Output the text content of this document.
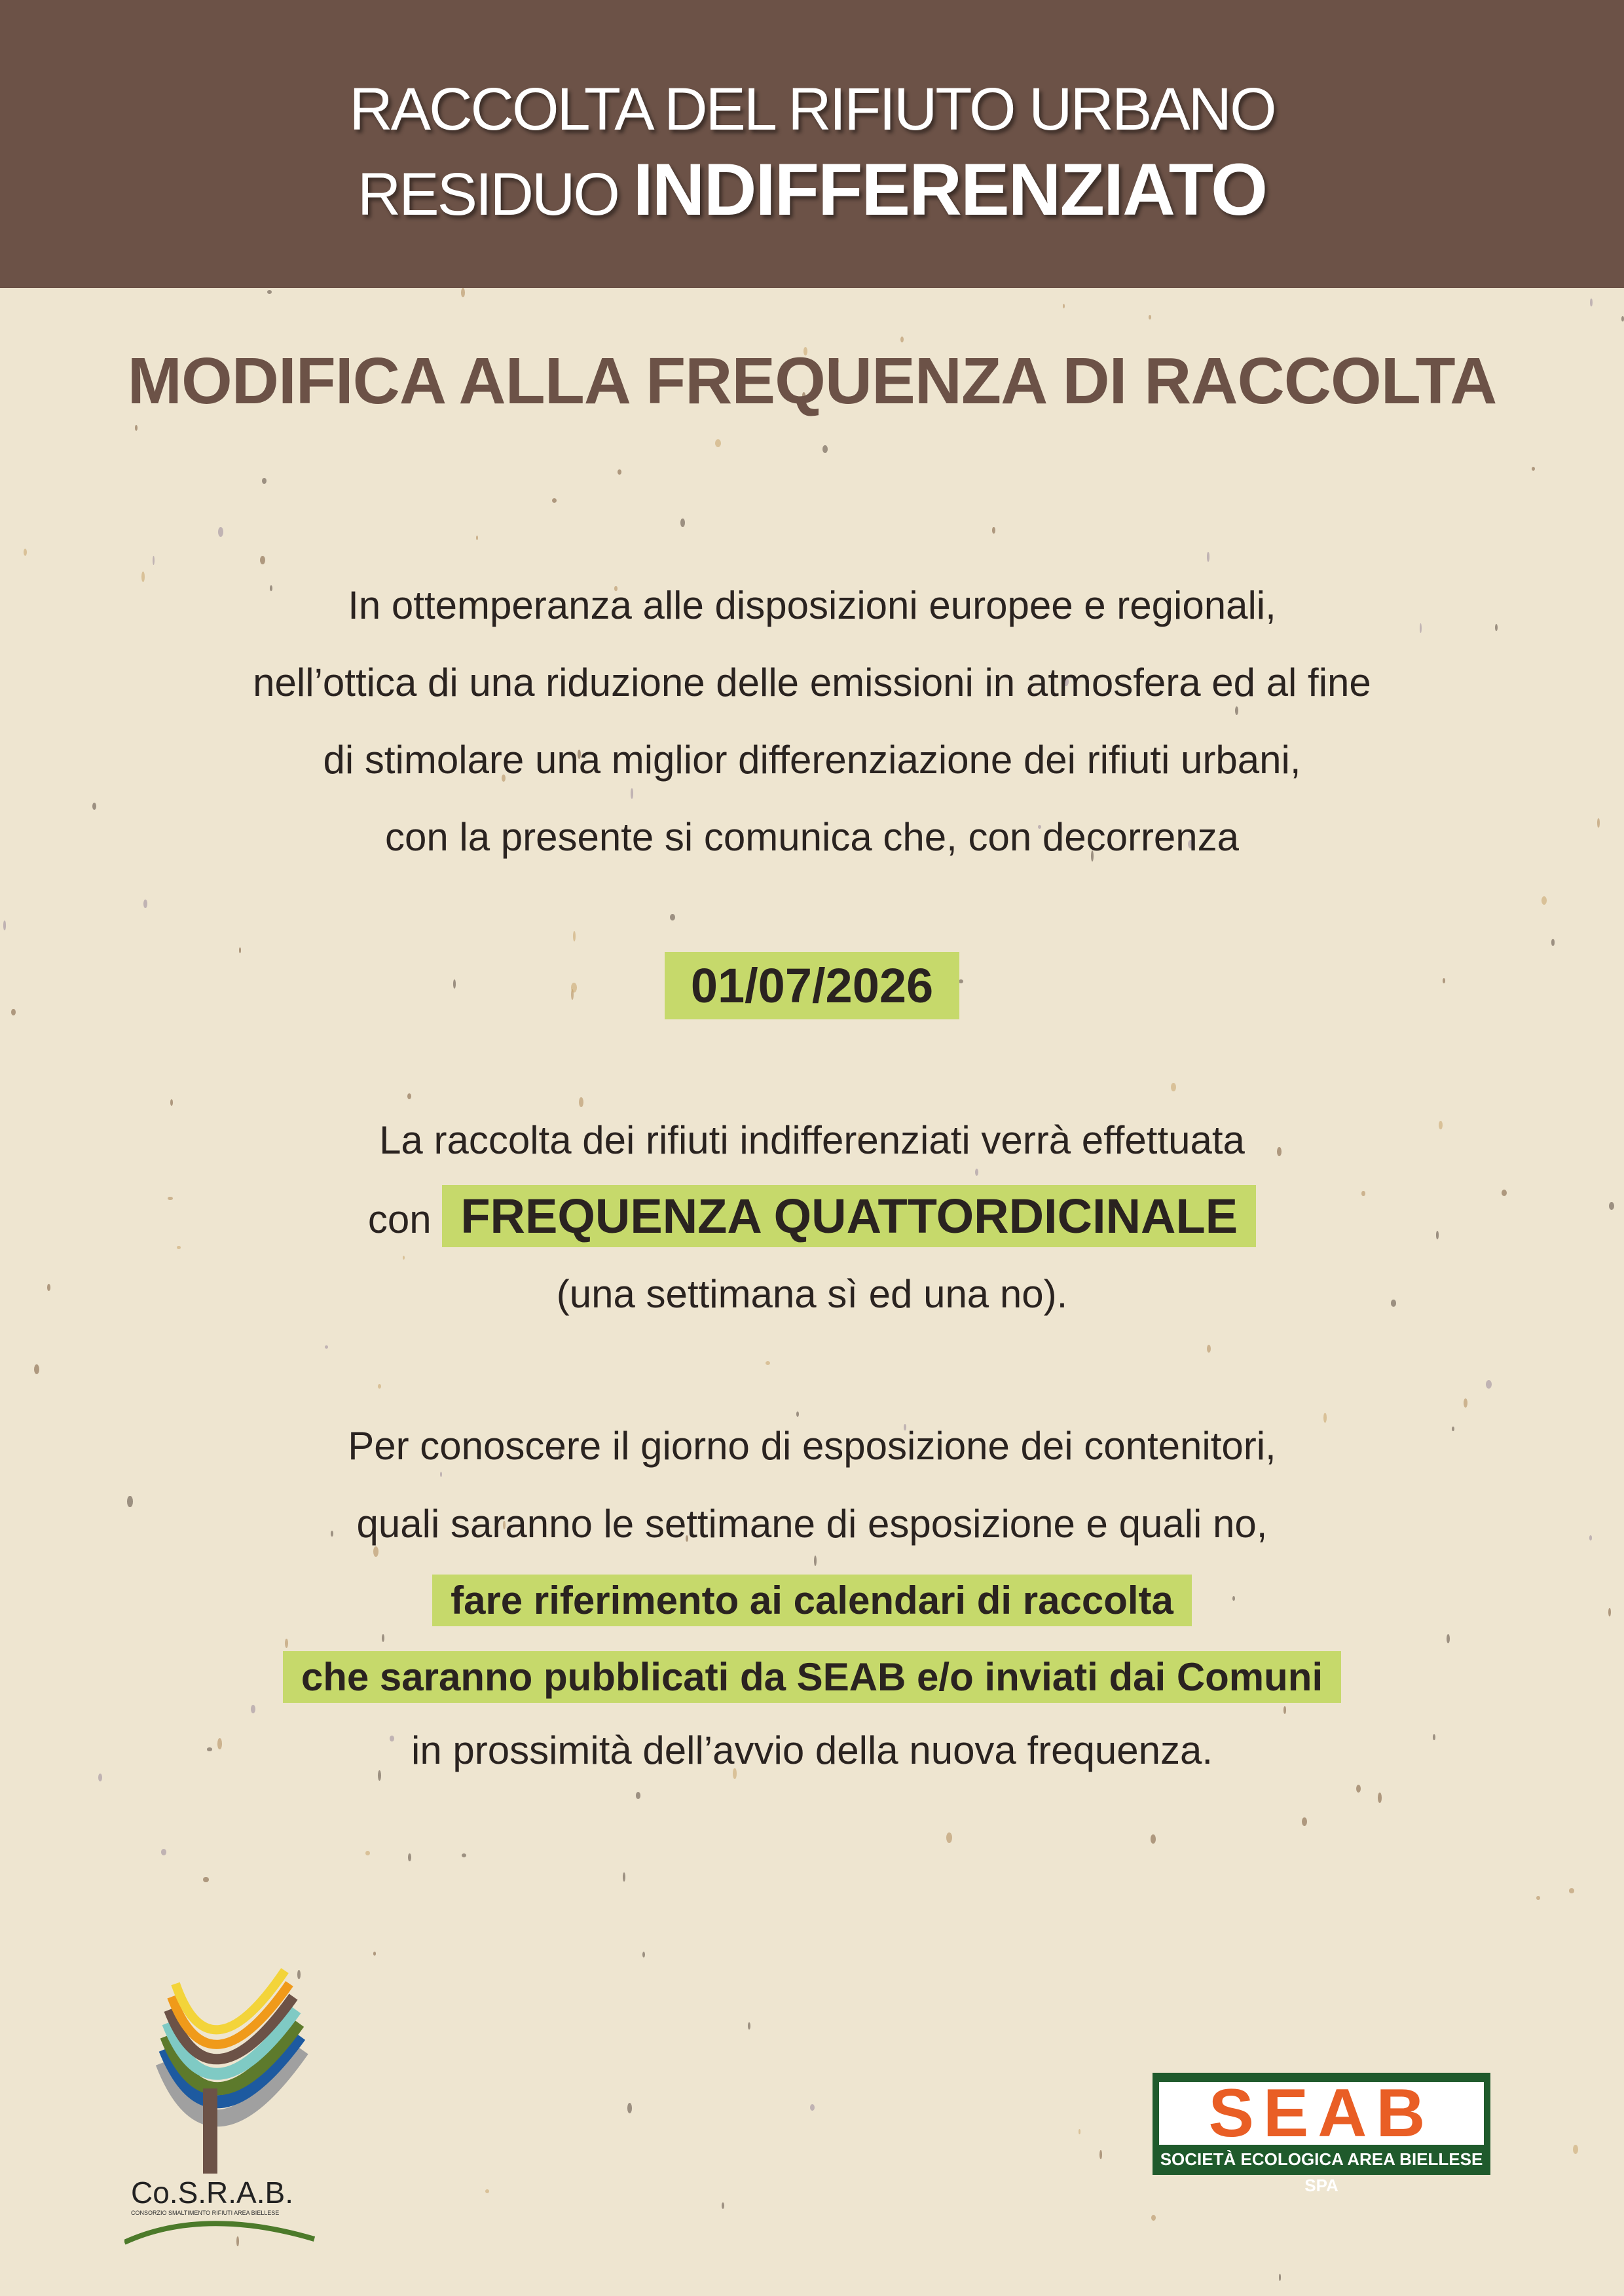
RACCOLTA DEL RIFIUTO URBANO
RESIDUO INDIFFERENZIATO
MODIFICA ALLA FREQUENZA DI RACCOLTA
In ottemperanza alle disposizioni europee e regionali,
nell’ottica di una riduzione delle emissioni in atmosfera ed al fine
di stimolare una miglior differenziazione dei rifiuti urbani,
con la presente si comunica che, con decorrenza
01/07/2026
La raccolta dei rifiuti indifferenziati verrà effettuata
con FREQUENZA QUATTORDICINALE
(una settimana sì ed una no).
Per conoscere il giorno di esposizione dei contenitori,
quali saranno le settimane di esposizione e quali no,
fare riferimento ai calendari di raccolta
che saranno pubblicati da SEAB e/o inviati dai Comuni
in prossimità dell’avvio della nuova frequenza.
Co.S.R.A.B.
CONSORZIO SMALTIMENTO RIFIUTI AREA BIELLESE
SEAB
SOCIETÀ ECOLOGICA AREA BIELLESE SPA
